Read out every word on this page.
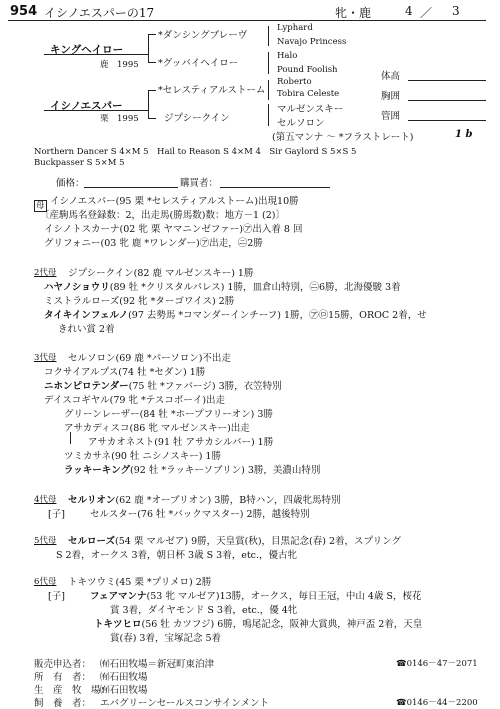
954 イシノエスパーの17	牝・鹿	4 ／ 3
キングヘイロー
鹿　1995
*ダンシングブレーヴ
*グッバイヘイロー
Lyphard
Navajo Princess
Halo
Pound Foolish
イシノエスパー
栗　1995
*セレスティアルストーム
ジプシークイン
Roberto
Tobira Celeste
マルゼンスキー
セルソロン
(第五マンナ ～ *フラストレート)	1 b
体高
胸囲
管囲
Northern Dancer S 4×M 5　Hail to Reason S 4×M 4　Sir Gaylord S 5×S 5
Buckpasser S 5×M 5
価格：	購買者：
母 イシノエスパー(95 栗 *セレスティアルストーム)出現10勝
〔産駒馬名登録数：2，出走馬(勝馬数)数：地方－1 (2)〕
イシノトスカーナ(02 牝 栗 ヤマニンゼファー)㋐出入着 8 回
グリフォニー(03 牝 鹿 *ワレンダー)㋐出走，㋥2勝
2代母 ジプシークイン(82 鹿 マルゼンスキー) 1勝
ハヤノショウリ(89 牡 *クリスタルパレス) 1勝，皿倉山特別，㋥6勝，北海優駿 3着
ミストラルローズ(92 牝 *ターゴワイス) 2勝
タイキインフェルノ(97 去勢馬 *コマンダーインチーフ) 1勝，㋐㋺15勝，OROC 2着，せ
きれい賞 2着
3代母 セルソロン(69 鹿 *パーソロン)不出走
コクサイアルプス(74 牡 *セダン) 1勝
ニホンピロテンダー(75 牡 *ファバージ) 3勝，衣笠特別
デイスコギヤル(79 牝 *テスコボーイ)出走
グリーンレーザー(84 牡 *ホープフリーオン) 3勝
アサカディスコ(86 牝 マルゼンスキー)出走
アサカオネスト(91 牡 アサカシルバー) 1勝
ツミカサネ(90 牡 ニシノスキー) 1勝
ラッキーキング(92 牡 *ラッキーソブリン) 3勝，美濃山特別
4代母 セルリオン(62 鹿 *オーブリオン) 3勝，B特ハン，四歳牝馬特別
[子]	セルスター(76 牡 *バックマスター) 2勝，越後特別
5代母 セルローズ(54 栗 マルゼア) 9勝，天皇賞(秋)，目黒記念(春) 2着，スプリング
S 2着，オークス 3着，朝日杯 3歳 S 3着，etc.，優古牝
6代母 トキツウミ(45 栗 *プリメロ) 2勝
[子]	フェアマンナ(53 牝 マルゼア)13勝，オークス，毎日王冠，中山 4歳 S，桜花
賞 3着，ダイヤモンド S 3着，etc.，優 4牝
トキツヒロ(56 牡 カツフジ) 6勝，鳴尾記念，阪神大賞典，神戸盃 2着，天皇
賞(春) 3着，宝塚記念 5着
販売申込者： ㈲石田牧場＝新冠町東泊津	☎0146－47－2071
所　有　者： ㈲石田牧場
生　産　牧　場：
㈲石田牧場
飼　養　者： エバグリーンセールスコンサインメント	☎0146－44－2200
